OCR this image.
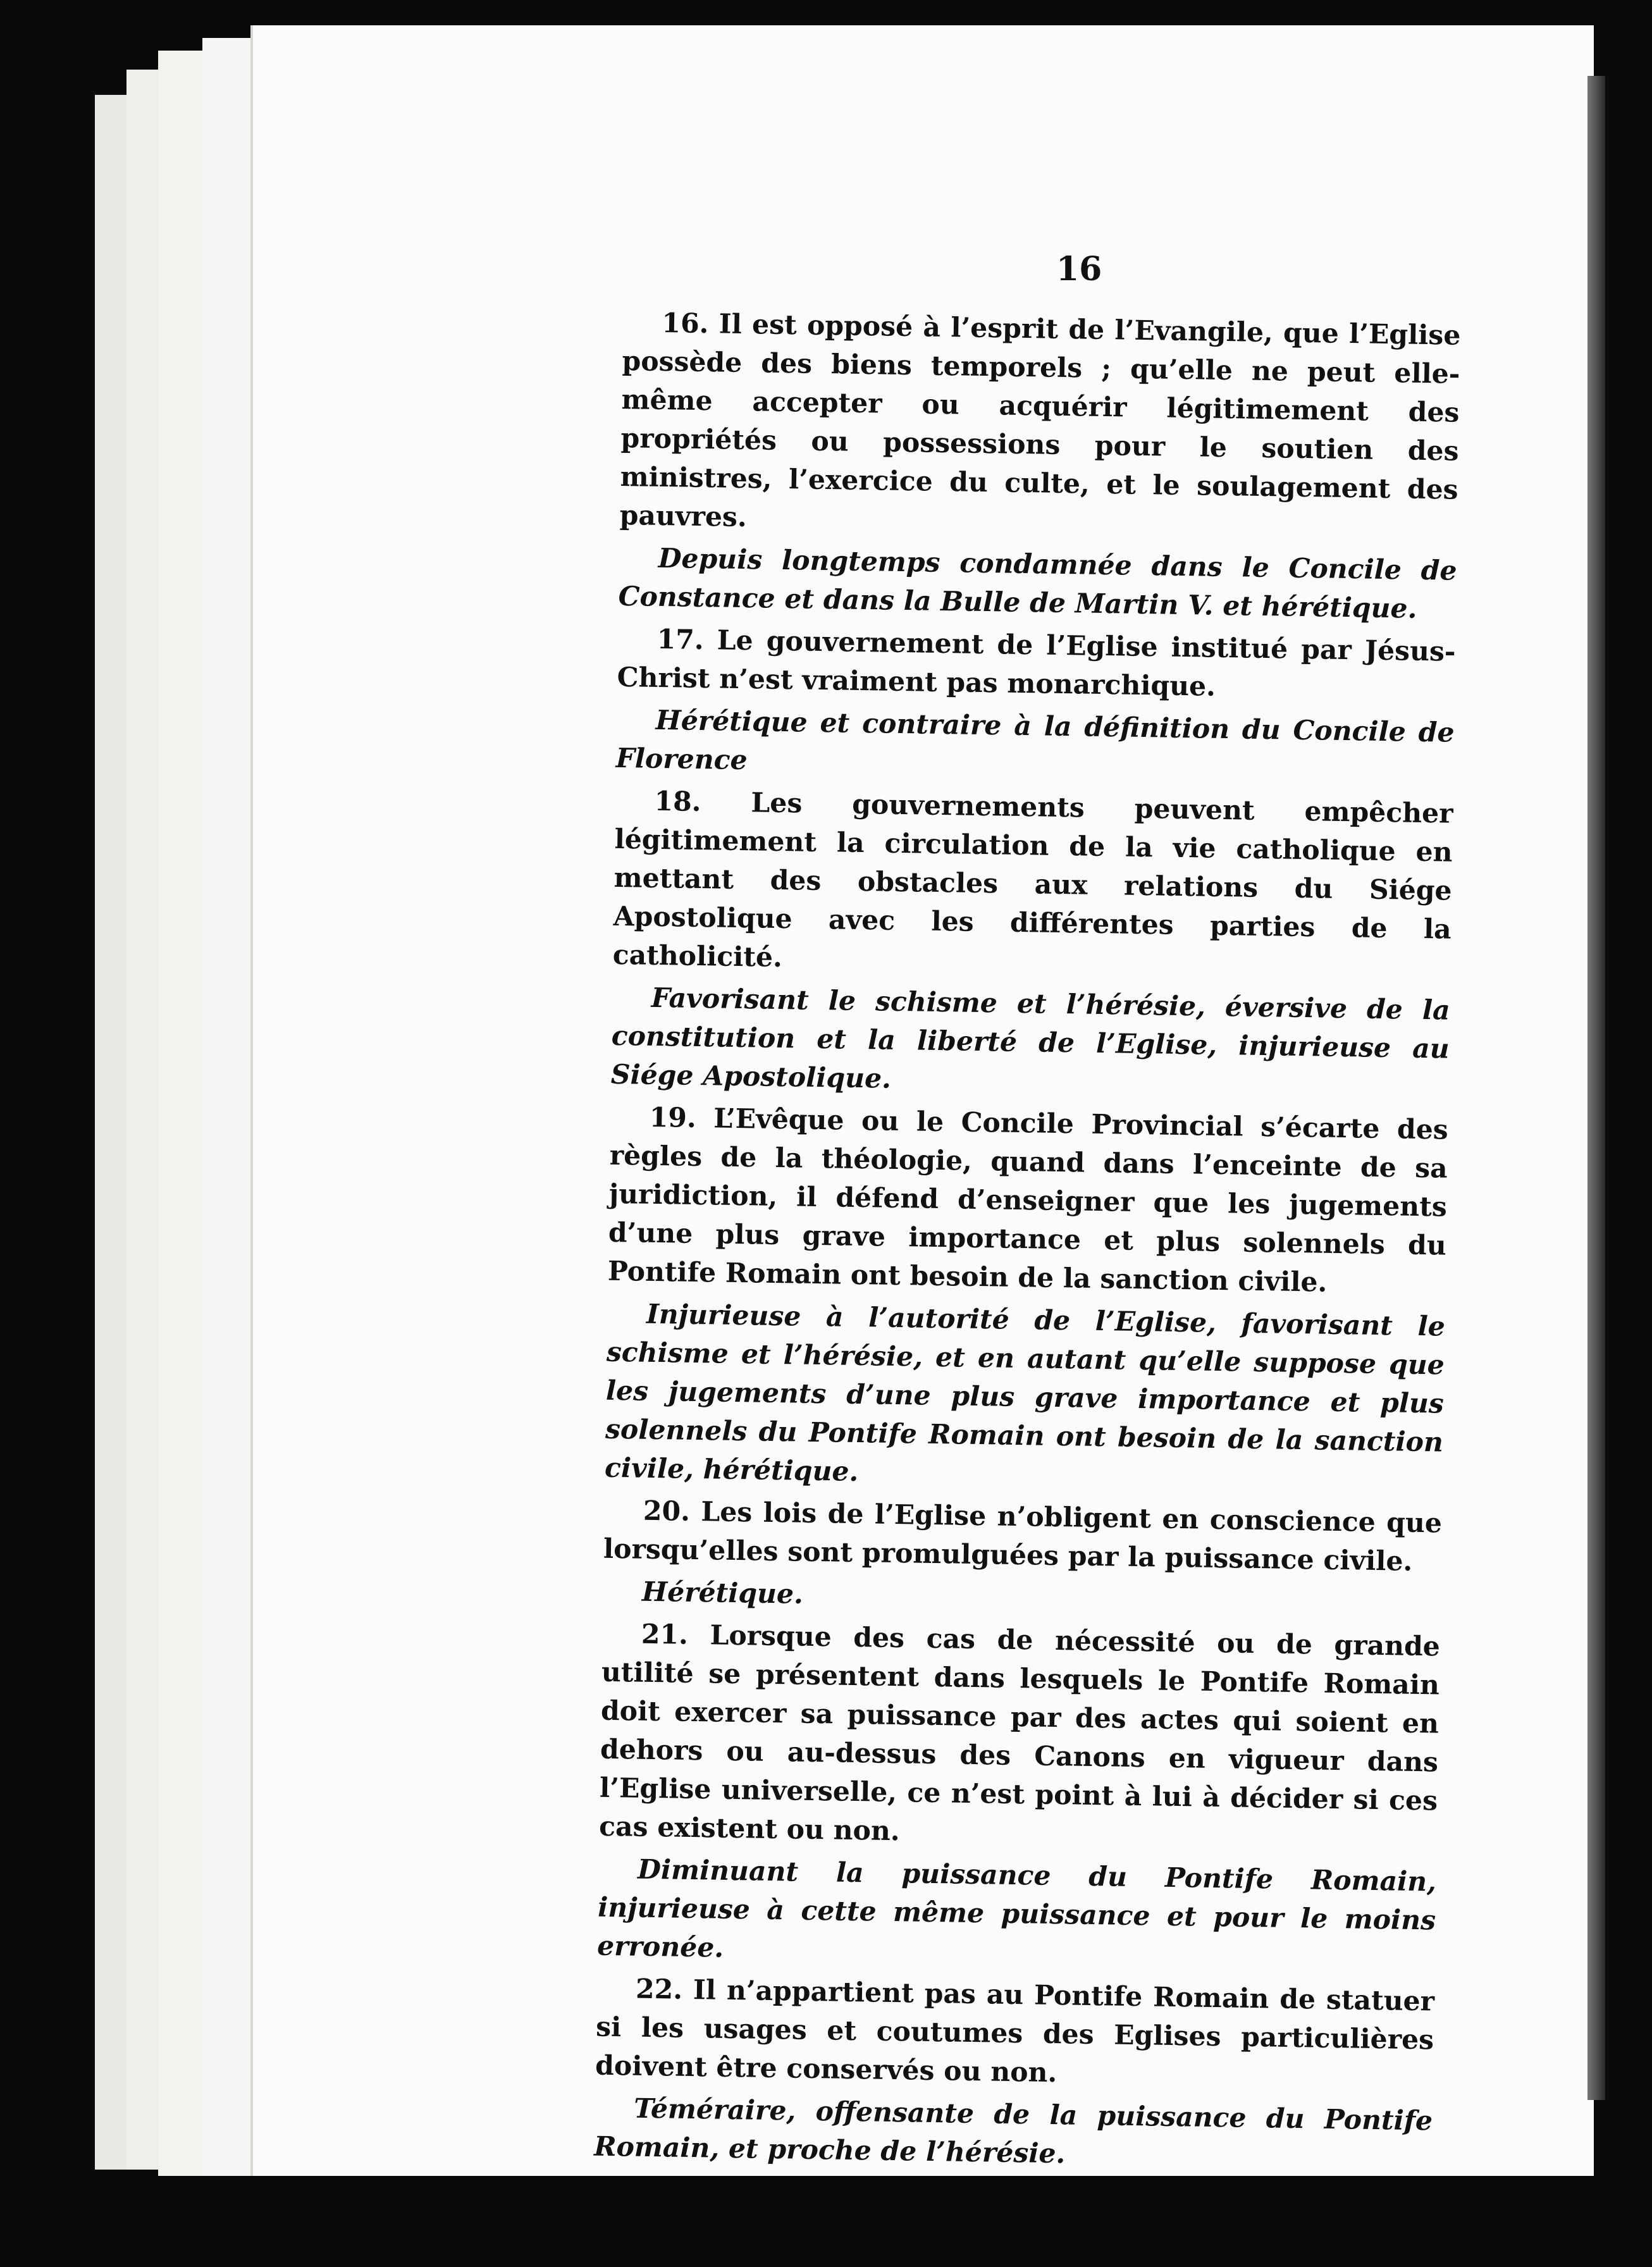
16

16. Il est opposé à l’esprit de l’Evangile, que l’Eglise possède des biens temporels ; qu’elle ne peut elle-même accepter ou acquérir légitimement des propriétés ou possessions pour le soutien des ministres, l’exercice du culte, et le soulagement des pauvres.

Depuis longtemps condamnée dans le Concile de Constance et dans la Bulle de Martin V. et hérétique.

17. Le gouvernement de l’Eglise institué par Jésus-Christ n’est vraiment pas monarchique.

Hérétique et contraire à la définition du Concile de Florence

18. Les gouvernements peuvent empêcher légitimement la circulation de la vie catholique en mettant des obstacles aux relations du Siége Apostolique avec les différentes parties de la catholicité.

Favorisant le schisme et l’hérésie, éversive de la constitution et la liberté de l’Eglise, injurieuse au Siége Apostolique.

19. L’Evêque ou le Concile Provincial s’écarte des règles de la théologie, quand dans l’enceinte de sa juridiction, il défend d’enseigner que les jugements d’une plus grave importance et plus solennels du Pontife Romain ont besoin de la sanction civile.

Injurieuse à l’autorité de l’Eglise, favorisant le schisme et l’hérésie, et en autant qu’elle suppose que les jugements d’une plus grave importance et plus solennels du Pontife Romain ont besoin de la sanction civile, hérétique.

20. Les lois de l’Eglise n’obligent en conscience que lorsqu’elles sont promulguées par la puissance civile.

Hérétique.

21. Lorsque des cas de nécessité ou de grande utilité se présentent dans lesquels le Pontife Romain doit exercer sa puissance par des actes qui soient en dehors ou au-dessus des Canons en vigueur dans l’Eglise universelle, ce n’est point à lui à décider si ces cas existent ou non.

Diminuant la puissance du Pontife Romain, injurieuse à cette même puissance et pour le moins erronée.

22. Il n’appartient pas au Pontife Romain de statuer si les usages et coutumes des Eglises particulières doivent être conservés ou non.

Téméraire, offensante de la puissance du Pontife Romain, et proche de l’hérésie.
